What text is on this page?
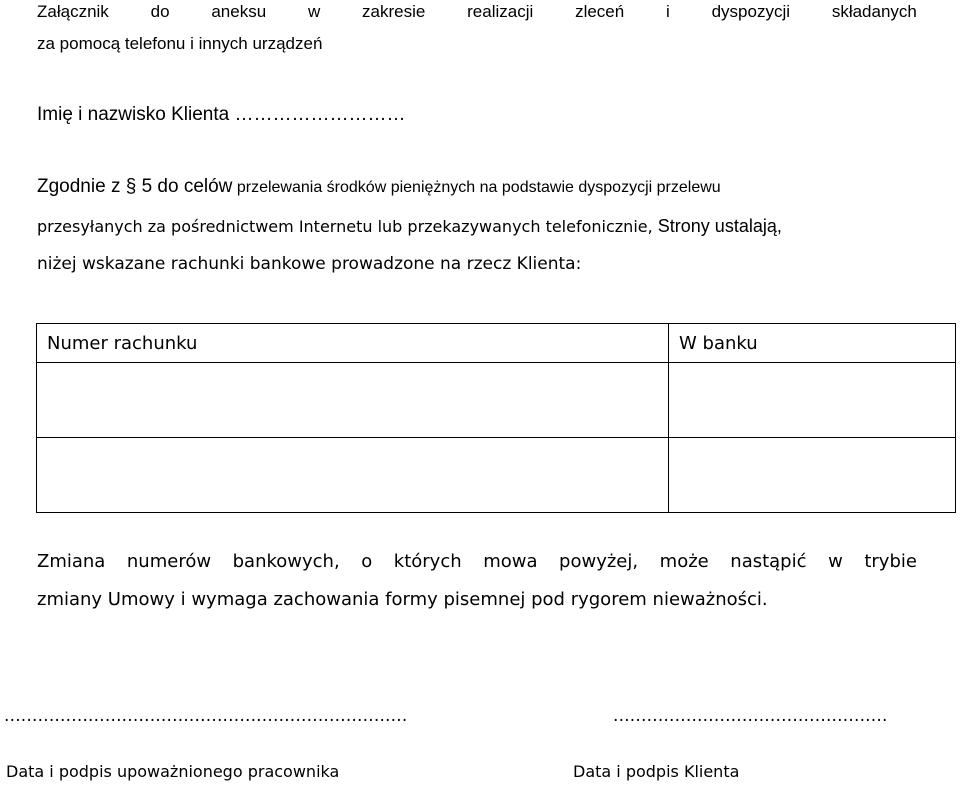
Załącznik do aneksu w zakresie realizacji zleceń i dyspozycji składanych
za pomocą telefonu i innych urządzeń
Imię i nazwisko Klienta ………………………
Zgodnie z § 5 do celów przelewania środków pieniężnych na podstawie dyspozycji przelewu
przesyłanych za pośrednictwem Internetu lub przekazywanych telefonicznie, Strony ustalają,
niżej wskazane rachunki bankowe prowadzone na rzecz Klienta:
Numer rachunku	W banku

Zmiana numerów bankowych, o których mowa powyżej, może nastąpić w trybie
zmiany Umowy i wymaga zachowania formy pisemnej pod rygorem nieważności.
........................................................................	.................................................
Data i podpis upoważnionego pracownika	Data i podpis Klienta
